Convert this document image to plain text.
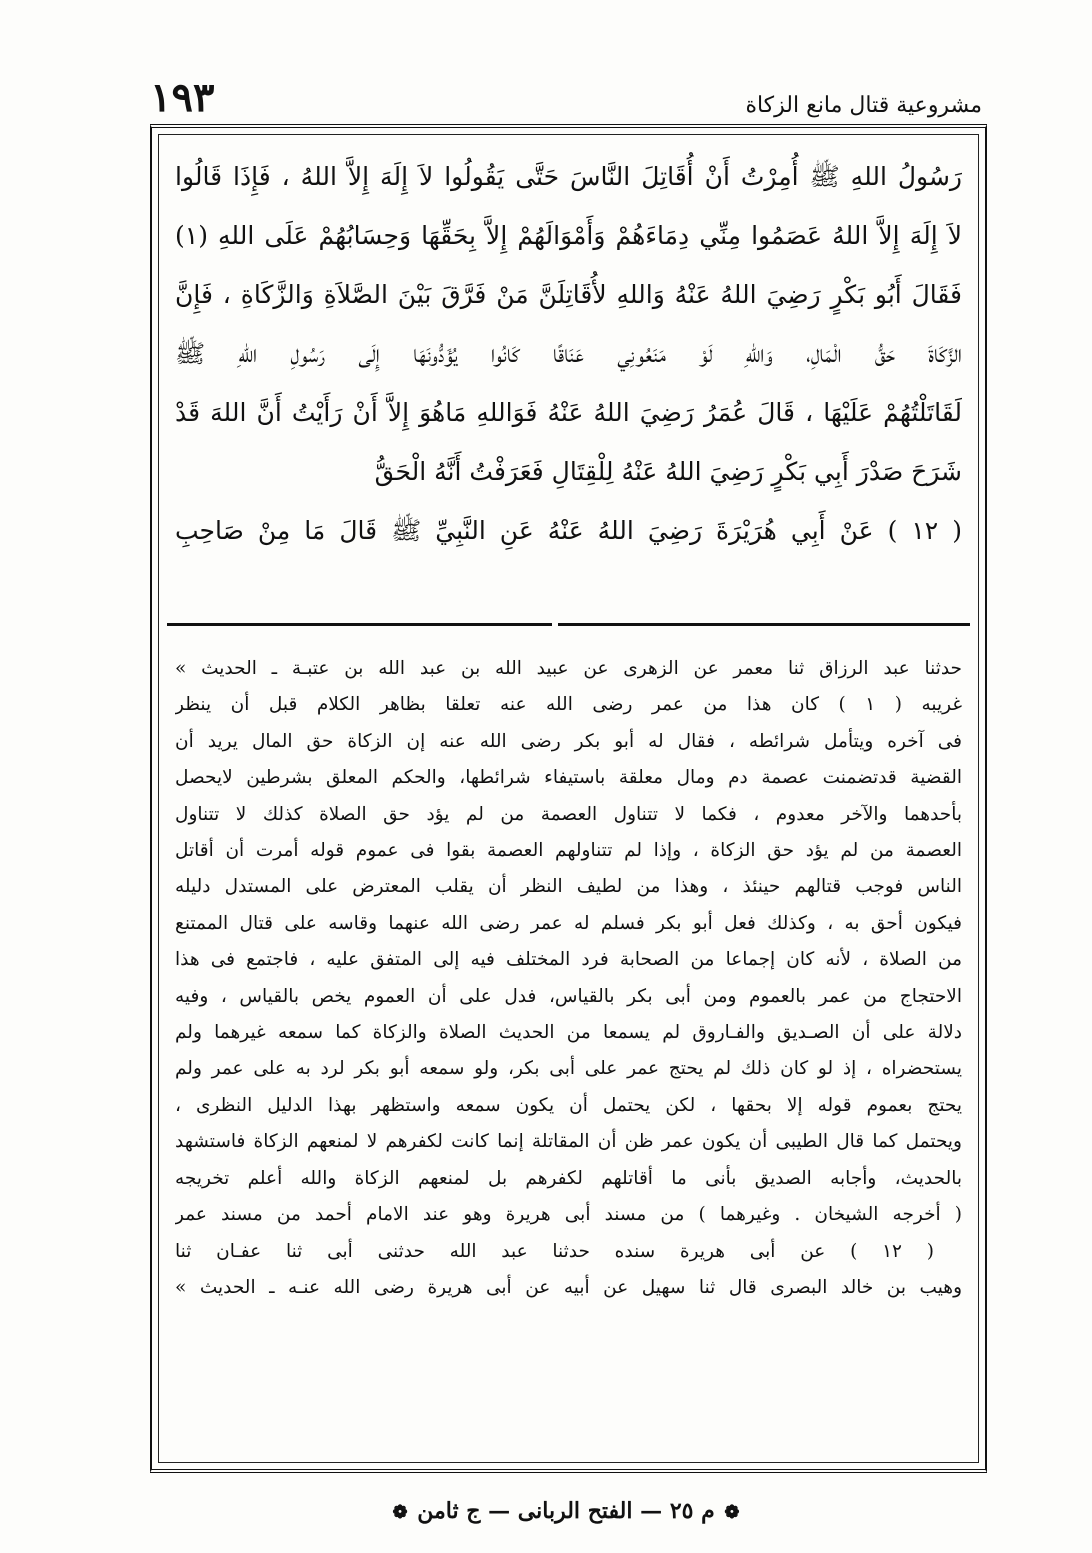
مشروعية قتال مانع الزكاة
١٩٣
رَسُولُ اللهِ ﷺ أُمِرْتُ أَنْ أُقَاتِلَ النَّاسَ حَتَّى يَقُولُوا لاَ إِلَهَ إِلاَّ اللهُ ، فَإِذَا قَالُوا
لاَ إِلَهَ إِلاَّ اللهُ عَصَمُوا مِنِّي دِمَاءَهُمْ وَأَمْوَالَهُمْ إِلاَّ بِحَقِّهَا وَحِسَابُهُمْ عَلَى اللهِ (١)
فَقَالَ أَبُو بَكْرٍ رَضِيَ اللهُ عَنْهُ وَاللهِ لأُقَاتِلَنَّ مَنْ فَرَّقَ بَيْنَ الصَّلاَةِ وَالزَّكَاةِ ، فَإِنَّ
الزَّكَاةَ حَقُّ الْمَالِ، وَاللهِ لَوْ مَنَعُونِي عَنَاقًا كَانُوا يُؤَدُّونَهَا إِلَى رَسُولِ اللهِ ﷺ
لَقَاتَلْتُهُمْ عَلَيْهَا ، قَالَ عُمَرُ رَضِيَ اللهُ عَنْهُ فَوَاللهِ مَاهُوَ إِلاَّ أَنْ رَأَيْتُ أَنَّ اللهَ قَدْ
شَرَحَ صَدْرَ أَبِي بَكْرٍ رَضِيَ اللهُ عَنْهُ لِلْقِتَالِ فَعَرَفْتُ أَنَّهُ الْحَقُّ
( ١٢ ) عَنْ أَبِي هُرَيْرَةَ رَضِيَ اللهُ عَنْهُ عَنِ النَّبِيِّ ﷺ قَالَ مَا مِنْ صَاحِبِ
حدثنا عبد الرزاق ثنا معمر عن الزهرى عن عبيد الله بن عبد الله بن عتبـة ـ الحديث »
غريبه ( ١ ) كان هذا من عمر رضى الله عنه تعلقا بظاهر الكلام قبل أن ينظر
فى آخره ويتأمل شرائطه ، فقال له أبو بكر رضى الله عنه إن الزكاة حق المال يريد أن
القضية قدتضمنت عصمة دم ومال معلقة باستيفاء شرائطها، والحكم المعلق بشرطين لايحصل
بأحدهما والآخر معدوم ، فكما لا تتناول العصمة من لم يؤد حق الصلاة كذلك لا تتناول
العصمة من لم يؤد حق الزكاة ، وإذا لم تتناولهم العصمة بقوا فى عموم قوله أمرت أن أقاتل
الناس فوجب قتالهم حينئذ ، وهذا من لطيف النظر أن يقلب المعترض على المستدل دليله
فيكون أحق به ، وكذلك فعل أبو بكر فسلم له عمر رضى الله عنهما وقاسه على قتال الممتنع
من الصلاة ، لأنه كان إجماعا من الصحابة فرد المختلف فيه إلى المتفق عليه ، فاجتمع فى هذا
الاحتجاج من عمر بالعموم ومن أبى بكر بالقياس، فدل على أن العموم يخص بالقياس ، وفيه
دلالة على أن الصـديق والفـاروق لم يسمعا من الحديث الصلاة والزكاة كما سمعه غيرهما ولم
يستحضراه ، إذ لو كان ذلك لم يحتج عمر على أبى بكر، ولو سمعه أبو بكر لرد به على عمر ولم
يحتج بعموم قوله إلا بحقها ، لكن يحتمل أن يكون سمعه واستظهر بهذا الدليل النظرى ،
ويحتمل كما قال الطيبى أن يكون عمر ظن أن المقاتلة إنما كانت لكفرهم لا لمنعهم الزكاة فاستشهد
بالحديث، وأجابه الصديق بأنى ما أقاتلهم لكفرهم بل لمنعهم الزكاة والله أعلم تخريجه
( أخرجه الشيخان . وغيرهما ) من مسند أبى هريرة وهو عند الامام أحمد من مسند عمر
( ١٢ ) عن أبى هريرة سنده حدثنا عبد الله حدثنى أبى ثنا عفـان ثنا
وهيب بن خالد البصرى قال ثنا سهيل عن أبيه عن أبى هريرة رضى الله عنـه ـ الحديث »
❁ م ٢٥ — الفتح الربانى — ج ثامن ❁
